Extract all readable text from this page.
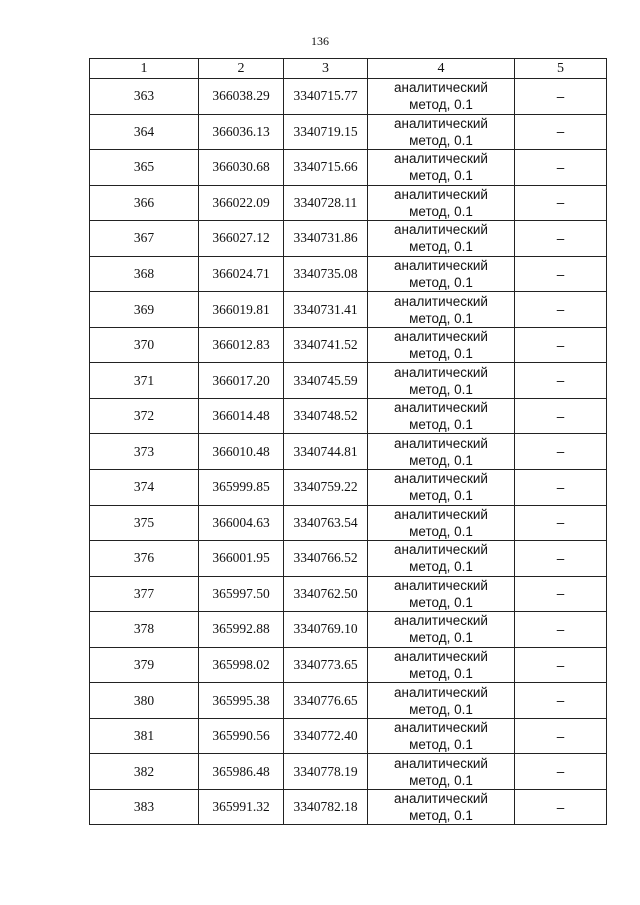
136
1	2	3	4	5
363	366038.29	3340715.77	аналитический
метод, 0.1	–
364	366036.13	3340719.15	аналитический
метод, 0.1	–
365	366030.68	3340715.66	аналитический
метод, 0.1	–
366	366022.09	3340728.11	аналитический
метод, 0.1	–
367	366027.12	3340731.86	аналитический
метод, 0.1	–
368	366024.71	3340735.08	аналитический
метод, 0.1	–
369	366019.81	3340731.41	аналитический
метод, 0.1	–
370	366012.83	3340741.52	аналитический
метод, 0.1	–
371	366017.20	3340745.59	аналитический
метод, 0.1	–
372	366014.48	3340748.52	аналитический
метод, 0.1	–
373	366010.48	3340744.81	аналитический
метод, 0.1	–
374	365999.85	3340759.22	аналитический
метод, 0.1	–
375	366004.63	3340763.54	аналитический
метод, 0.1	–
376	366001.95	3340766.52	аналитический
метод, 0.1	–
377	365997.50	3340762.50	аналитический
метод, 0.1	–
378	365992.88	3340769.10	аналитический
метод, 0.1	–
379	365998.02	3340773.65	аналитический
метод, 0.1	–
380	365995.38	3340776.65	аналитический
метод, 0.1	–
381	365990.56	3340772.40	аналитический
метод, 0.1	–
382	365986.48	3340778.19	аналитический
метод, 0.1	–
383	365991.32	3340782.18	аналитический
метод, 0.1	–
